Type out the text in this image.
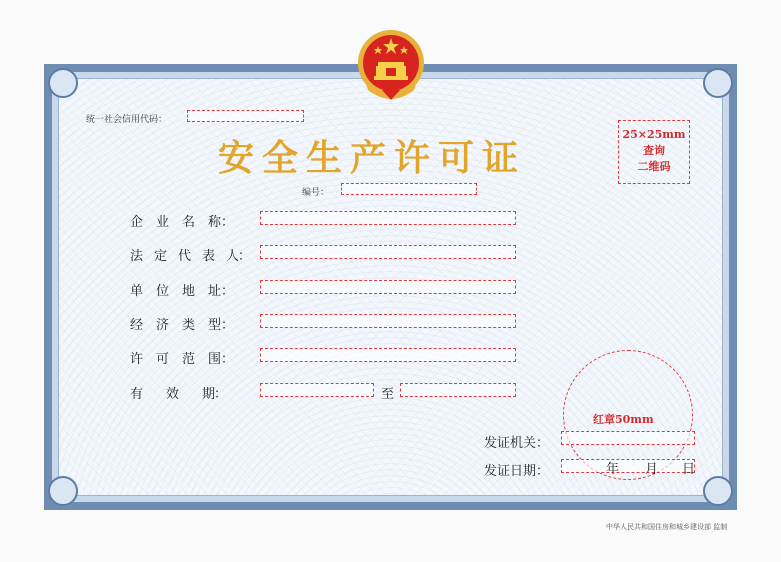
统一社会信用代码：
安全生产许可证
25×25mm
查询
二维码
编号：
企　业　名　称：
法　定　代　表　人：
单　位　地　址：
经　济　类　型：
许　可　范　围：
有　　效　　期：	至
红章50mm
发证机关：
发证日期：	年 月 日
中华人民共和国住房和城乡建设部 监制
